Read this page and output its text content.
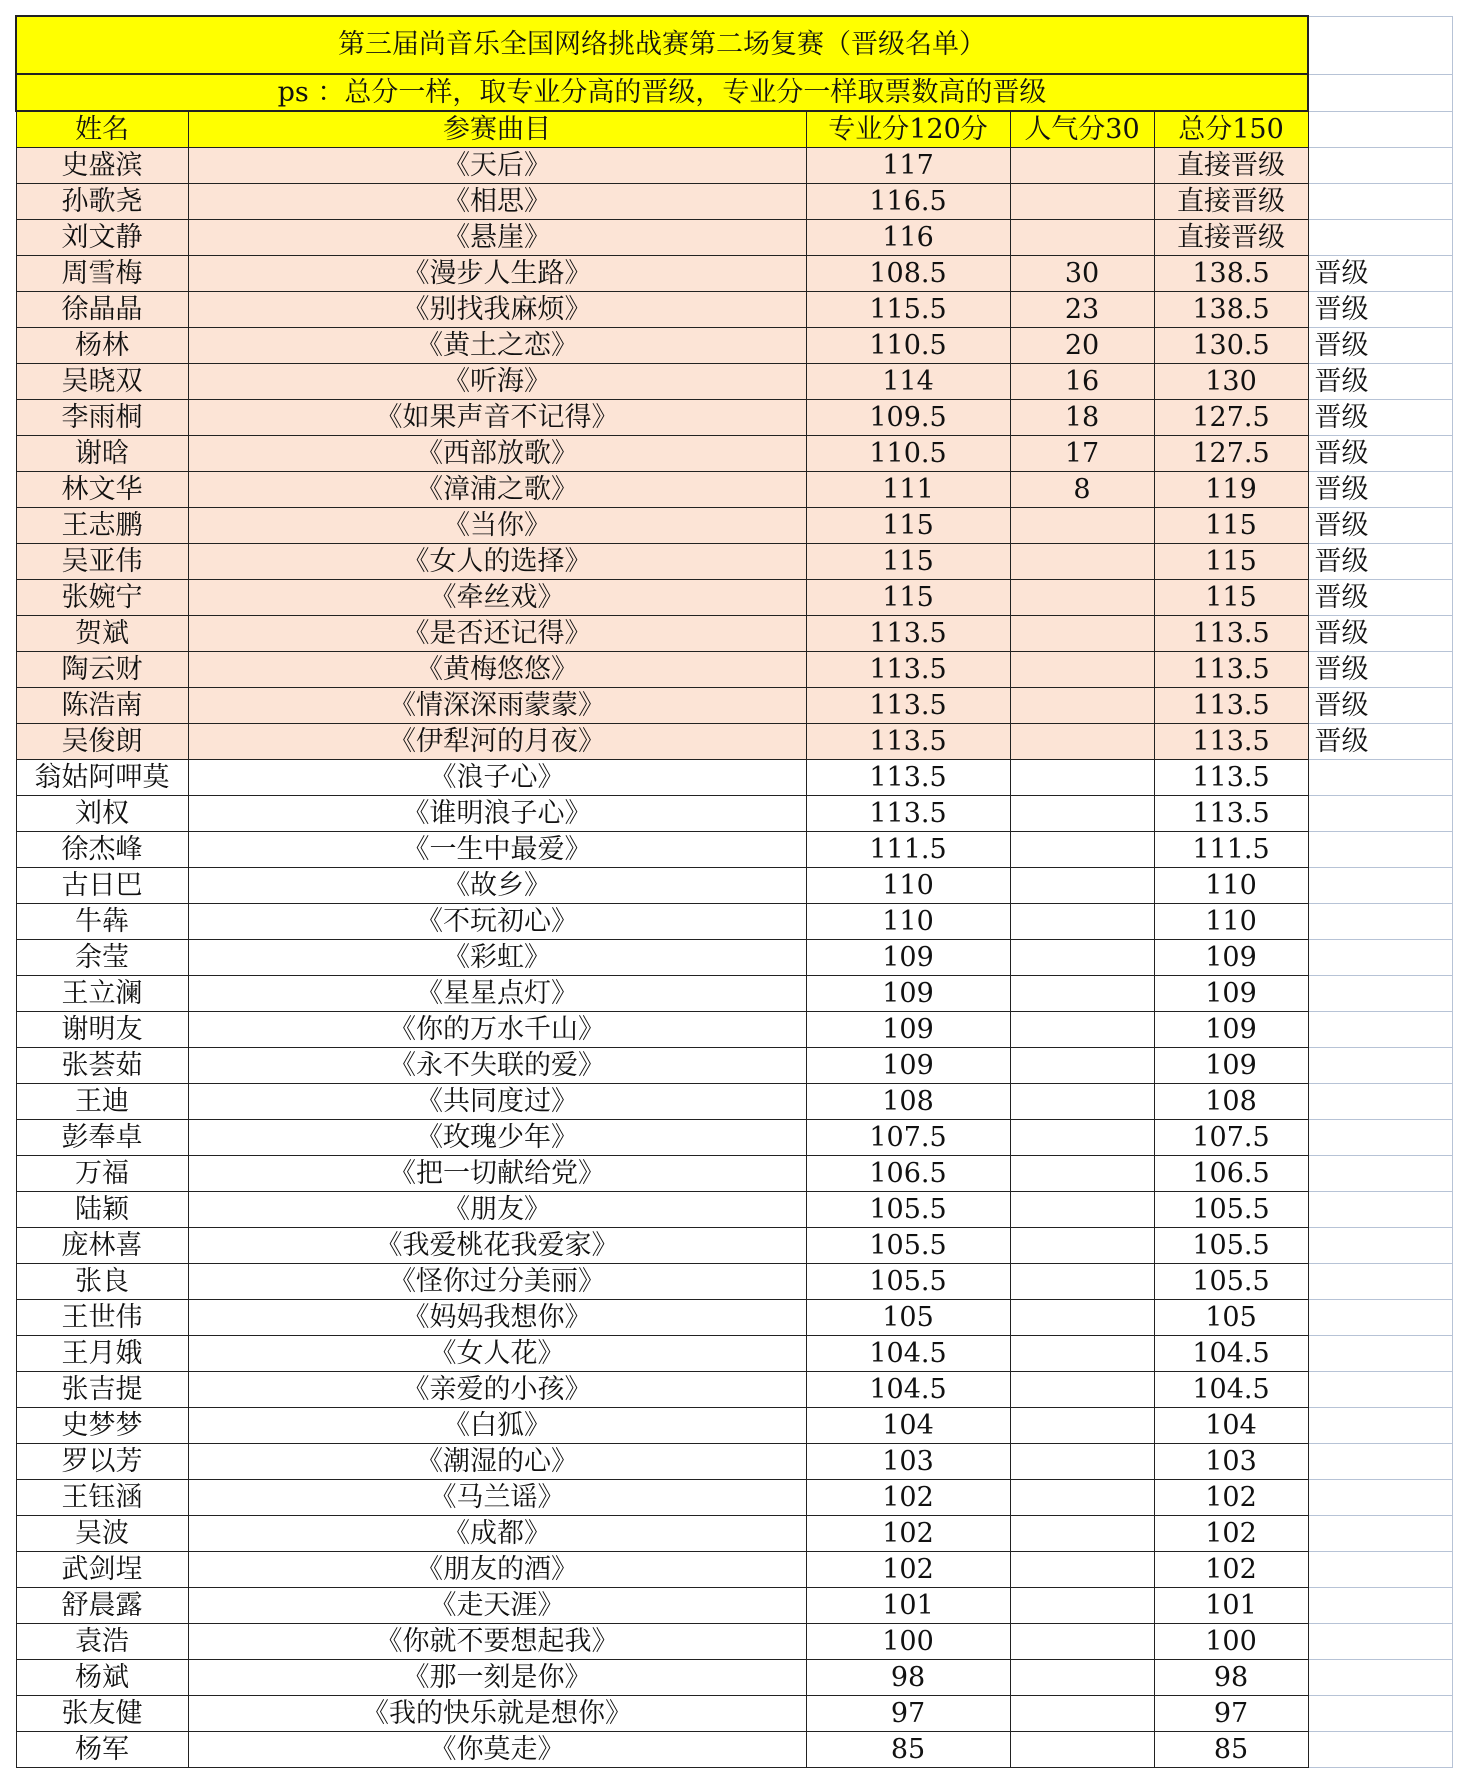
第三届尚音乐全国网络挑战赛第二场复赛（晋级名单）					
ps ：总分一样，取专业分高的晋级，专业分一样取票数高的晋级					
姓名	参赛曲目	专业分120分	人气分30	总分150	
史盛滨	《天后》	117		直接晋级	
孙歌尧	《相思》	116.5		直接晋级	
刘文静	《悬崖》	116		直接晋级	
周雪梅	《漫步人生路》	108.5	30	138.5	晋级
徐晶晶	《别找我麻烦》	115.5	23	138.5	晋级
杨林	《黄土之恋》	110.5	20	130.5	晋级
吴晓双	《听海》	114	16	130	晋级
李雨桐	《如果声音不记得》	109.5	18	127.5	晋级
谢晗	《西部放歌》	110.5	17	127.5	晋级
林文华	《漳浦之歌》	111	8	119	晋级
王志鹏	《当你》	115		115	晋级
吴亚伟	《女人的选择》	115		115	晋级
张婉宁	《牵丝戏》	115		115	晋级
贺斌	《是否还记得》	113.5		113.5	晋级
陶云财	《黄梅悠悠》	113.5		113.5	晋级
陈浩南	《情深深雨蒙蒙》	113.5		113.5	晋级
吴俊朗	《伊犁河的月夜》	113.5		113.5	晋级
翁姑阿呷莫	《浪子心》	113.5		113.5	
刘权	《谁明浪子心》	113.5		113.5	
徐杰峰	《一生中最爱》	111.5		111.5	
古日巴	《故乡》	110		110	
牛犇	《不玩初心》	110		110	
余莹	《彩虹》	109		109	
王立澜	《星星点灯》	109		109	
谢明友	《你的万水千山》	109		109	
张荟茹	《永不失联的爱》	109		109	
王迪	《共同度过》	108		108	
彭奉卓	《玫瑰少年》	107.5		107.5	
万福	《把一切献给党》	106.5		106.5	
陆颖	《朋友》	105.5		105.5	
庞林喜	《我爱桃花我爱家》	105.5		105.5	
张良	《怪你过分美丽》	105.5		105.5	
王世伟	《妈妈我想你》	105		105	
王月娥	《女人花》	104.5		104.5	
张吉提	《亲爱的小孩》	104.5		104.5	
史梦梦	《白狐》	104		104	
罗以芳	《潮湿的心》	103		103	
王钰涵	《马兰谣》	102		102	
吴波	《成都》	102		102	
武剑埕	《朋友的酒》	102		102	
舒晨露	《走天涯》	101		101	
袁浩	《你就不要想起我》	100		100	
杨斌	《那一刻是你》	98		98	
张友健	《我的快乐就是想你》	97		97	
杨军	《你莫走》	85		85	
